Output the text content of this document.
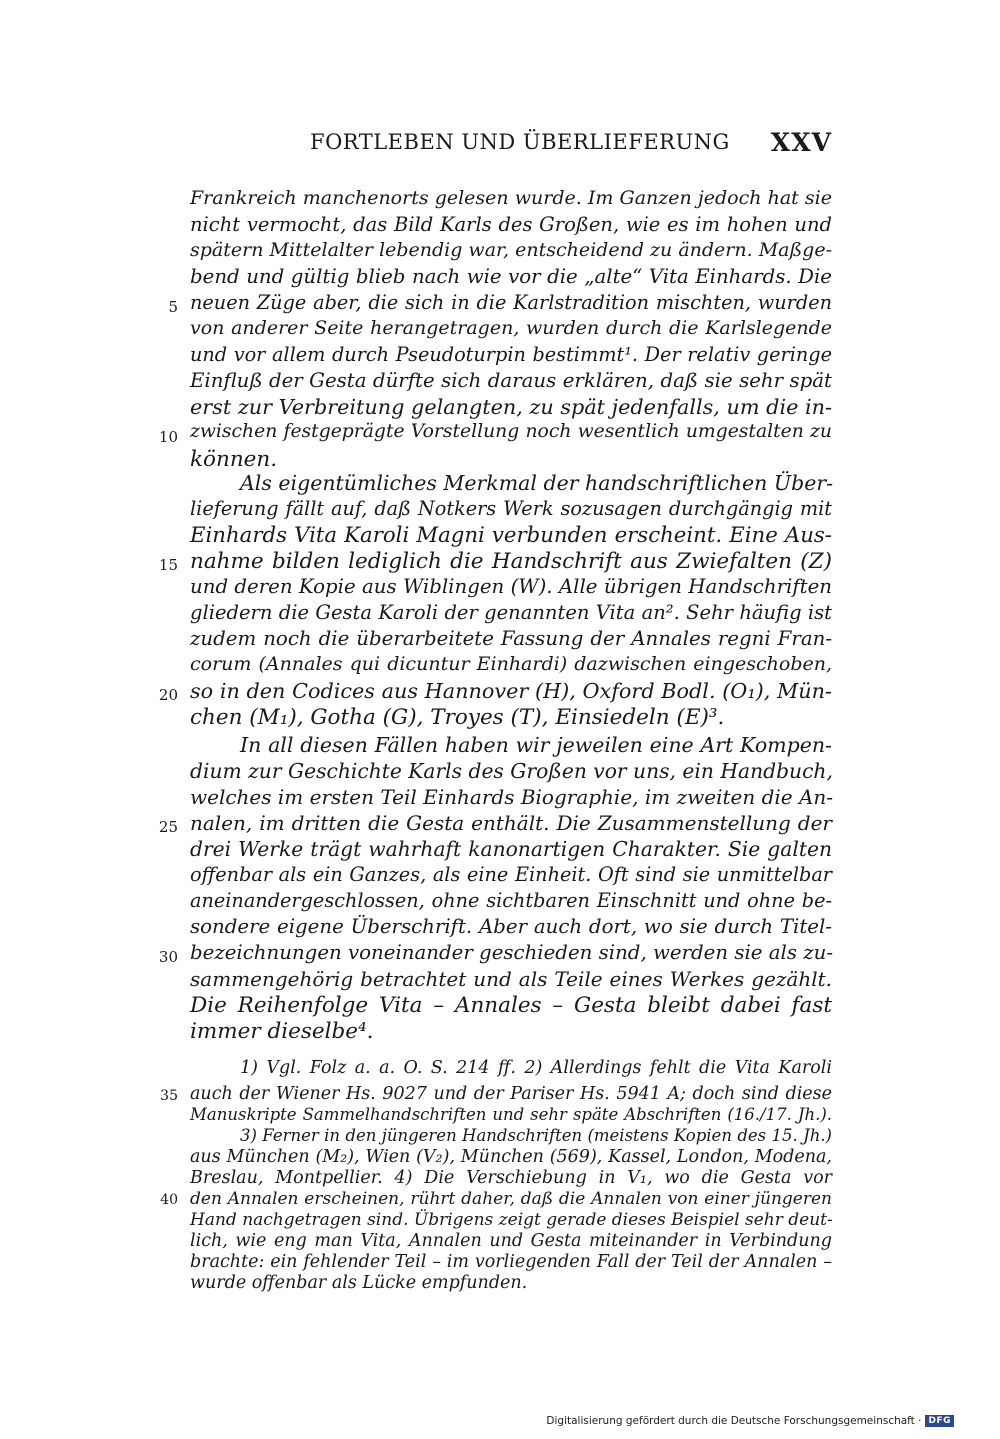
FORTLEBEN UND ÜBERLIEFERUNG XXV
Frankreich manchenorts gelesen wurde. Im Ganzen jedoch hat sie
nicht vermocht, das Bild Karls des Großen, wie es im hohen und
spätern Mittelalter lebendig war, entscheidend zu ändern. Maßge-
bend und gültig blieb nach wie vor die „alte“ Vita Einhards. Die
neuen Züge aber, die sich in die Karlstradition mischten, wurden
von anderer Seite herangetragen, wurden durch die Karlslegende
und vor allem durch Pseudoturpin bestimmt¹. Der relativ geringe
Einfluß der Gesta dürfte sich daraus erklären, daß sie sehr spät
erst zur Verbreitung gelangten, zu spät jedenfalls, um die in-
zwischen festgeprägte Vorstellung noch wesentlich umgestalten zu
können.
Als eigentümliches Merkmal der handschriftlichen Über-
lieferung fällt auf, daß Notkers Werk sozusagen durchgängig mit
Einhards Vita Karoli Magni verbunden erscheint. Eine Aus-
nahme bilden lediglich die Handschrift aus Zwiefalten (Z)
und deren Kopie aus Wiblingen (W). Alle übrigen Handschriften
gliedern die Gesta Karoli der genannten Vita an². Sehr häufig ist
zudem noch die überarbeitete Fassung der Annales regni Fran-
corum (Annales qui dicuntur Einhardi) dazwischen eingeschoben,
so in den Codices aus Hannover (H), Oxford Bodl. (O₁), Mün-
chen (M₁), Gotha (G), Troyes (T), Einsiedeln (E)³.
In all diesen Fällen haben wir jeweilen eine Art Kompen-
dium zur Geschichte Karls des Großen vor uns, ein Handbuch,
welches im ersten Teil Einhards Biographie, im zweiten die An-
nalen, im dritten die Gesta enthält. Die Zusammenstellung der
drei Werke trägt wahrhaft kanonartigen Charakter. Sie galten
offenbar als ein Ganzes, als eine Einheit. Oft sind sie unmittelbar
aneinandergeschlossen, ohne sichtbaren Einschnitt und ohne be-
sondere eigene Überschrift. Aber auch dort, wo sie durch Titel-
bezeichnungen voneinander geschieden sind, werden sie als zu-
sammengehörig betrachtet und als Teile eines Werkes gezählt.
Die Reihenfolge Vita – Annales – Gesta bleibt dabei fast
immer dieselbe⁴.
5
10
15
20
25
30
35
40
1) Vgl. Folz a. a. O. S. 214 ff. 2) Allerdings fehlt die Vita Karoli
auch der Wiener Hs. 9027 und der Pariser Hs. 5941 A; doch sind diese
Manuskripte Sammelhandschriften und sehr späte Abschriften (16./17. Jh.).
3) Ferner in den jüngeren Handschriften (meistens Kopien des 15. Jh.)
aus München (M₂), Wien (V₂), München (569), Kassel, London, Modena,
Breslau, Montpellier. 4) Die Verschiebung in V₁, wo die Gesta vor
den Annalen erscheinen, rührt daher, daß die Annalen von einer jüngeren
Hand nachgetragen sind. Übrigens zeigt gerade dieses Beispiel sehr deut-
lich, wie eng man Vita, Annalen und Gesta miteinander in Verbindung
brachte: ein fehlender Teil – im vorliegenden Fall der Teil der Annalen –
wurde offenbar als Lücke empfunden.
Digitalisierung gefördert durch die Deutsche Forschungsgemeinschaft · DFG
